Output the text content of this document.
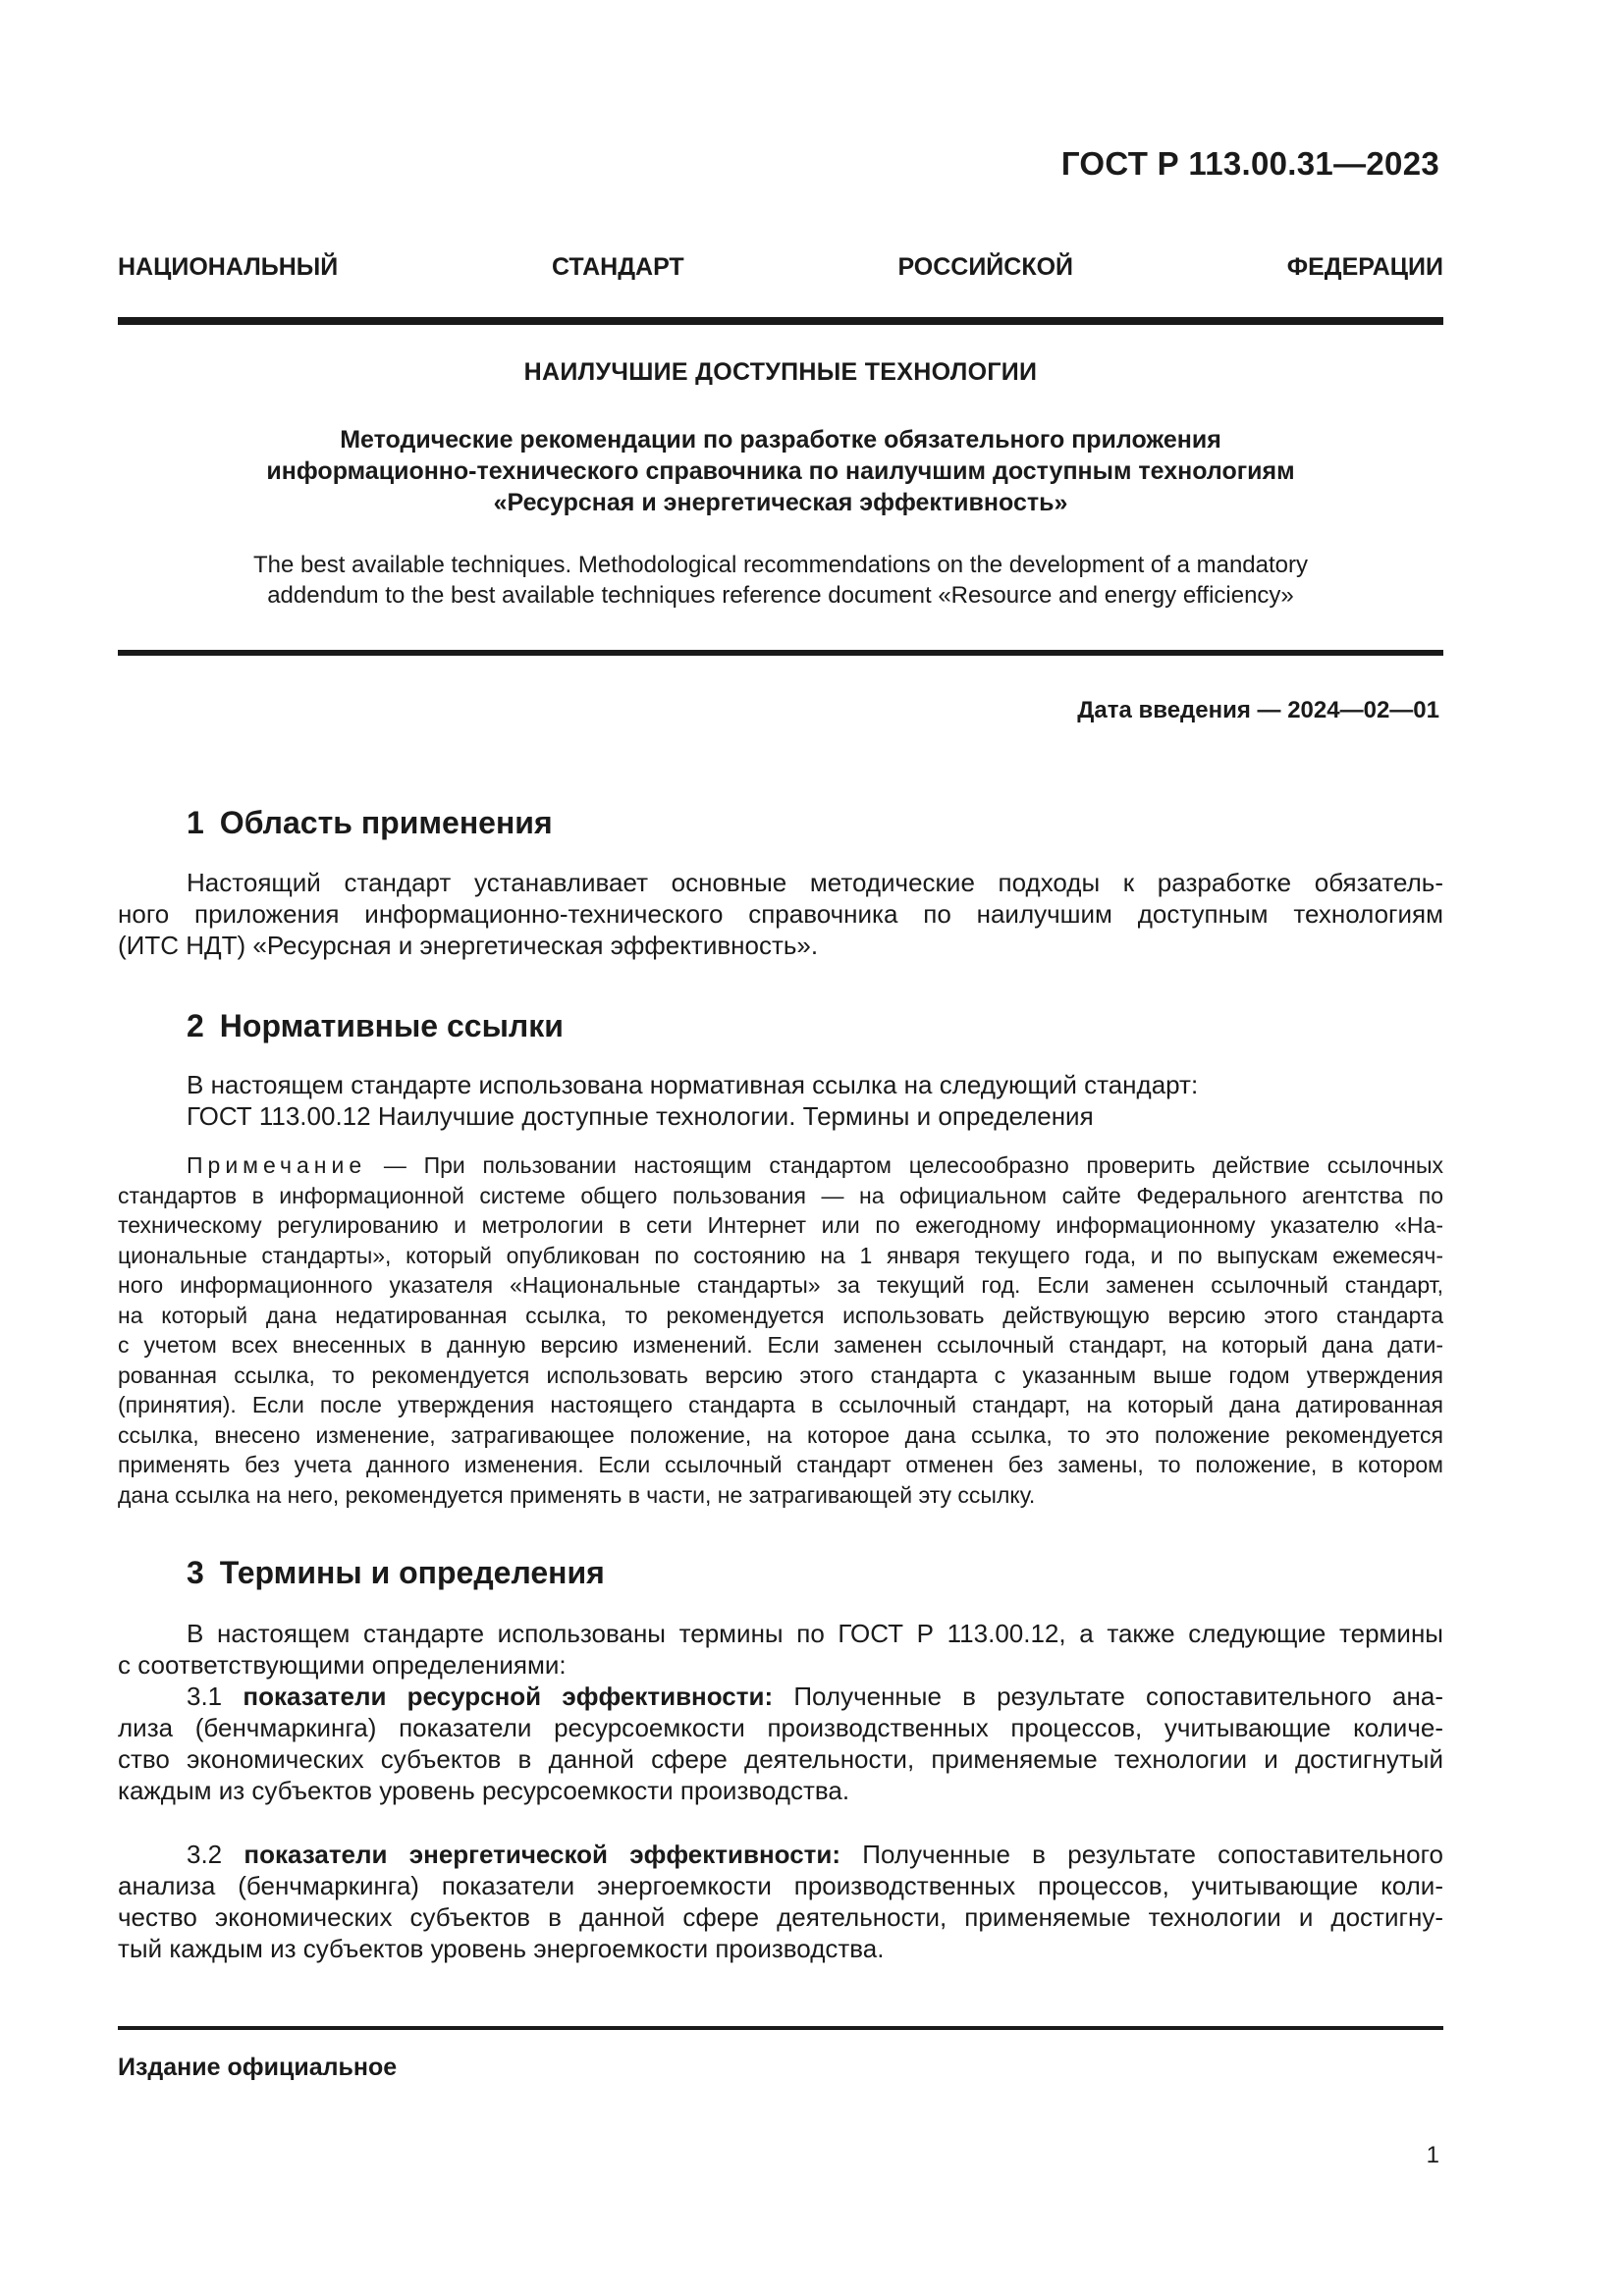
ГОСТ Р 113.00.31—2023
НАЦИОНАЛЬНЫЙ СТАНДАРТ РОССИЙСКОЙ ФЕДЕРАЦИИ
НАИЛУЧШИЕ ДОСТУПНЫЕ ТЕХНОЛОГИИ
Методические рекомендации по разработке обязательного приложения
информационно-технического справочника по наилучшим доступным технологиям
«Ресурсная и энергетическая эффективность»
The best available techniques. Methodological recommendations on the development of a mandatory
addendum to the best available techniques reference document «Resource and energy efficiency»
Дата введения — 2024—02—01
1 Область применения
Настоящий стандарт устанавливает основные методические подходы к разработке обязатель-
ного приложения информационно-технического справочника по наилучшим доступным технологиям
(ИТС НДТ) «Ресурсная и энергетическая эффективность».
2 Нормативные ссылки
В настоящем стандарте использована нормативная ссылка на следующий стандарт:
ГОСТ 113.00.12 Наилучшие доступные технологии. Термины и определения
Примечание — При пользовании настоящим стандартом целесообразно проверить действие ссылочных
стандартов в информационной системе общего пользования — на официальном сайте Федерального агентства по
техническому регулированию и метрологии в сети Интернет или по ежегодному информационному указателю «На-
циональные стандарты», который опубликован по состоянию на 1 января текущего года, и по выпускам ежемесяч-
ного информационного указателя «Национальные стандарты» за текущий год. Если заменен ссылочный стандарт,
на который дана недатированная ссылка, то рекомендуется использовать действующую версию этого стандарта
с учетом всех внесенных в данную версию изменений. Если заменен ссылочный стандарт, на который дана дати-
рованная ссылка, то рекомендуется использовать версию этого стандарта с указанным выше годом утверждения
(принятия). Если после утверждения настоящего стандарта в ссылочный стандарт, на который дана датированная
ссылка, внесено изменение, затрагивающее положение, на которое дана ссылка, то это положение рекомендуется
применять без учета данного изменения. Если ссылочный стандарт отменен без замены, то положение, в котором
дана ссылка на него, рекомендуется применять в части, не затрагивающей эту ссылку.
3 Термины и определения
В настоящем стандарте использованы термины по ГОСТ Р 113.00.12, а также следующие термины
с соответствующими определениями:
3.1 показатели ресурсной эффективности: Полученные в результате сопоставительного ана-
лиза (бенчмаркинга) показатели ресурсоемкости производственных процессов, учитывающие количе-
ство экономических субъектов в данной сфере деятельности, применяемые технологии и достигнутый
каждым из субъектов уровень ресурсоемкости производства.
3.2 показатели энергетической эффективности: Полученные в результате сопоставительного
анализа (бенчмаркинга) показатели энергоемкости производственных процессов, учитывающие коли-
чество экономических субъектов в данной сфере деятельности, применяемые технологии и достигну-
тый каждым из субъектов уровень энергоемкости производства.
Издание официальное
1
